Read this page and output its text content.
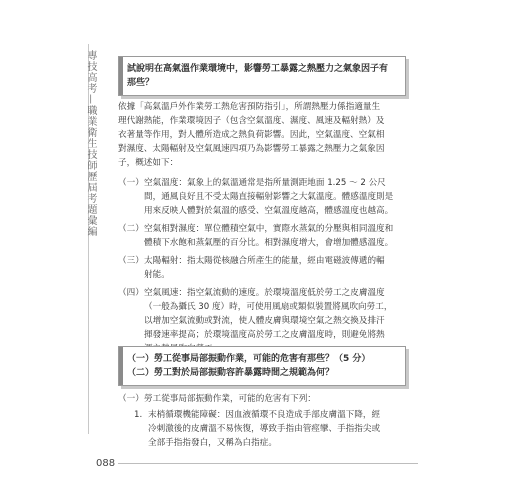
專技高考—職業衛生技師歷屆考題彙編	試說明在高氣溫作業環境中，影響勞工暴露之熱壓力之氣象因子有
那些？
依據「高氣溫戶外作業勞工熱危害預防指引」，所謂熱壓力係指適量生
理代謝熱能，作業環境因子（包含空氣溫度、濕度、風速及輻射熱）及
衣著量等作用，對人體所造成之熱負荷影響。因此，空氣溫度、空氣相
對濕度、太陽輻射及空氣風速四項乃為影響勞工暴露之熱壓力之氣象因
子，概述如下：
（一） 空氣溫度：氣象上的氣溫通常是指所量測距地面 1.25 ～ 2 公尺
間，通風良好且不受太陽直接輻射影響之大氣溫度。體感溫度則是
用來反映人體對於氣溫的感受、空氣溫度越高，體感溫度也越高。
（二） 空氣相對濕度：單位體積空氣中，實際水蒸氣的分壓與相同溫度和
體積下水飽和蒸氣壓的百分比。相對濕度增大，會增加體感溫度。
（三） 太陽輻射：指太陽從核融合所產生的能量，經由電磁波傳遞的輻
射能。
（四） 空氣風速：指空氣流動的速度。於環境溫度低於勞工之皮膚溫度
（一般為攝氏 30 度）時，可使用風扇或類似裝置將風吹向勞工，
以增加空氣流動或對流，使人體皮膚與環境空氣之熱交換及排汗
揮發速率提高；於環境溫度高於勞工之皮膚溫度時，則避免將熱
（一）勞工從事局部振動作業，可能的危害有那些？（5 分）
（二）勞工對於局部振動容許暴露時間之規範為何？
（一） 勞工從事局部振動作業，可能的危害有下列：
1. 末梢循環機能障礙：因血液循環不良造成手部皮膚溫下降，經
冷刺激後的皮膚溫不易恢復，導致手指由管痙攣、手指指尖或
全部手指指發白，又稱為白指症。
088
